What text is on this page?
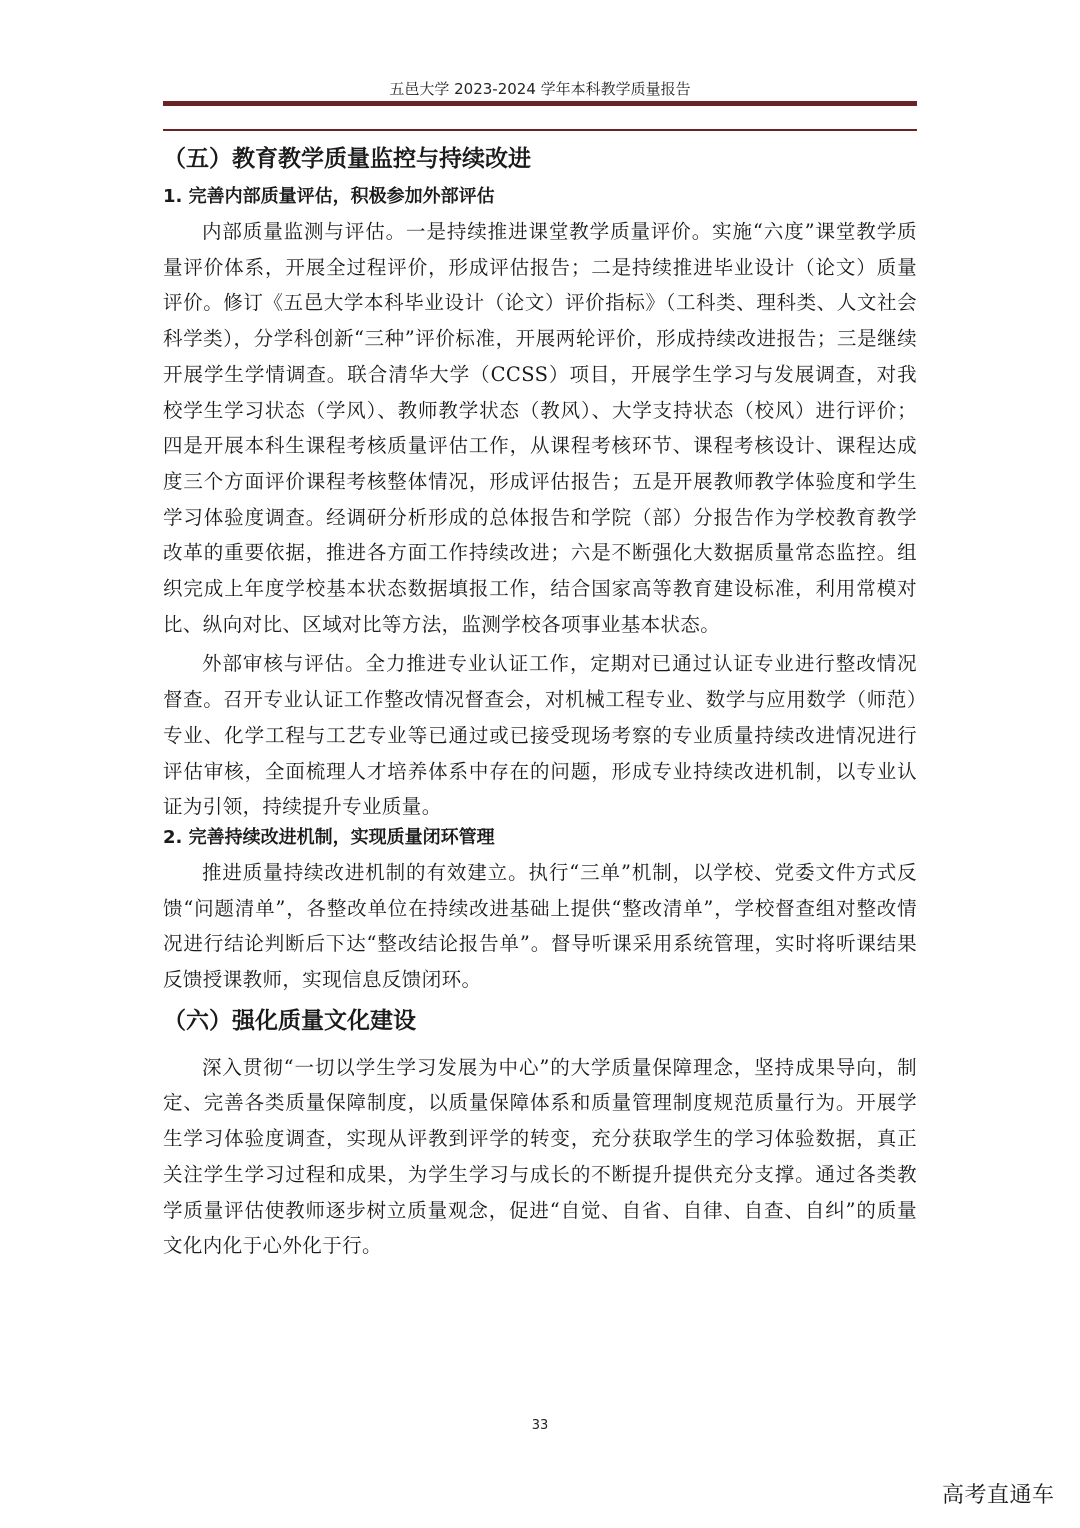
五邑大学 2023-2024 学年本科教学质量报告
（五）教育教学质量监控与持续改进
1. 完善内部质量评估，积极参加外部评估

内部质量监测与评估。一是持续推进课堂教学质量评价。实施“六度”课堂教学质量评价体系，开展全过程评价，形成评估报告；二是持续推进毕业设计（论文）质量评价。修订《五邑大学本科毕业设计（论文）评价指标》（工科类、理科类、人文社会科学类），分学科创新“三种”评价标准，开展两轮评价，形成持续改进报告；三是继续开展学生学情调查。联合清华大学（CCSS）项目，开展学生学习与发展调查，对我校学生学习状态（学风）、教师教学状态（教风）、大学支持状态（校风）进行评价；四是开展本科生课程考核质量评估工作，从课程考核环节、课程考核设计、课程达成度三个方面评价课程考核整体情况，形成评估报告；五是开展教师教学体验度和学生学习体验度调查。经调研分析形成的总体报告和学院（部）分报告作为学校教育教学改革的重要依据，推进各方面工作持续改进；六是不断强化大数据质量常态监控。组织完成上年度学校基本状态数据填报工作，结合国家高等教育建设标准，利用常模对比、纵向对比、区域对比等方法，监测学校各项事业基本状态。

外部审核与评估。全力推进专业认证工作，定期对已通过认证专业进行整改情况督查。召开专业认证工作整改情况督查会，对机械工程专业、数学与应用数学（师范）专业、化学工程与工艺专业等已通过或已接受现场考察的专业质量持续改进情况进行评估审核，全面梳理人才培养体系中存在的问题，形成专业持续改进机制，以专业认证为引领，持续提升专业质量。

2. 完善持续改进机制，实现质量闭环管理

推进质量持续改进机制的有效建立。执行“三单”机制，以学校、党委文件方式反馈“问题清单”，各整改单位在持续改进基础上提供“整改清单”，学校督查组对整改情况进行结论判断后下达“整改结论报告单”。督导听课采用系统管理，实时将听课结果反馈授课教师，实现信息反馈闭环。

（六）强化质量文化建设

深入贯彻“一切以学生学习发展为中心”的大学质量保障理念，坚持成果导向，制定、完善各类质量保障制度，以质量保障体系和质量管理制度规范质量行为。开展学生学习体验度调查，实现从评教到评学的转变，充分获取学生的学习体验数据，真正关注学生学习过程和成果，为学生学习与成长的不断提升提供充分支撑。通过各类教学质量评估使教师逐步树立质量观念，促进“自觉、自省、自律、自查、自纠”的质量文化内化于心外化于行。

33
高考直通车
